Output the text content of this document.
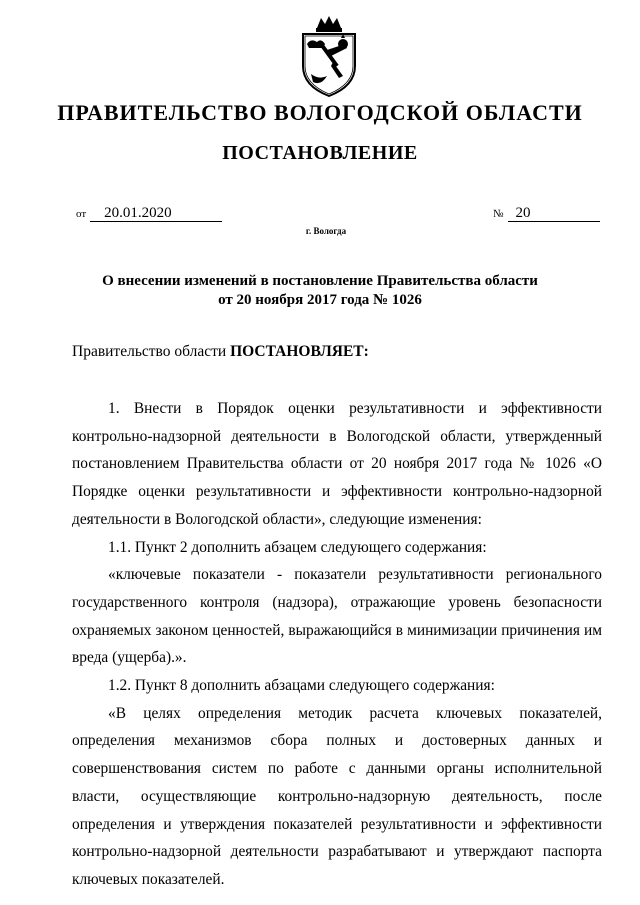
ПРАВИТЕЛЬСТВО ВОЛОГОДСКОЙ ОБЛАСТИ
ПОСТАНОВЛЕНИЕ
от 20.01.2020	№ 20
г. Вологда
О внесении изменений в постановление Правительства области
от 20 ноября 2017 года № 1026
Правительство области ПОСТАНОВЛЯЕТ:

1. Внести в Порядок оценки результативности и эффективности контрольно-надзорной деятельности в Вологодской области, утвержденный постановлением Правительства области от 20 ноября 2017 года № 1026 «О Порядке оценки результативности и эффективности контрольно-надзорной деятельности в Вологодской области», следующие изменения:

1.1. Пункт 2 дополнить абзацем следующего содержания:

«ключевые показатели - показатели результативности регионального государственного контроля (надзора), отражающие уровень безопасности охраняемых законом ценностей, выражающийся в минимизации причинения им вреда (ущерба).».

1.2. Пункт 8 дополнить абзацами следующего содержания:

«В целях определения методик расчета ключевых показателей, определения механизмов сбора полных и достоверных данных и совершенствования систем по работе с данными органы исполнительной власти, осуществляющие контрольно-надзорную деятельность, после определения и утверждения показателей результативности и эффективности контрольно-надзорной деятельности разрабатывают и утверждают паспорта ключевых показателей.
